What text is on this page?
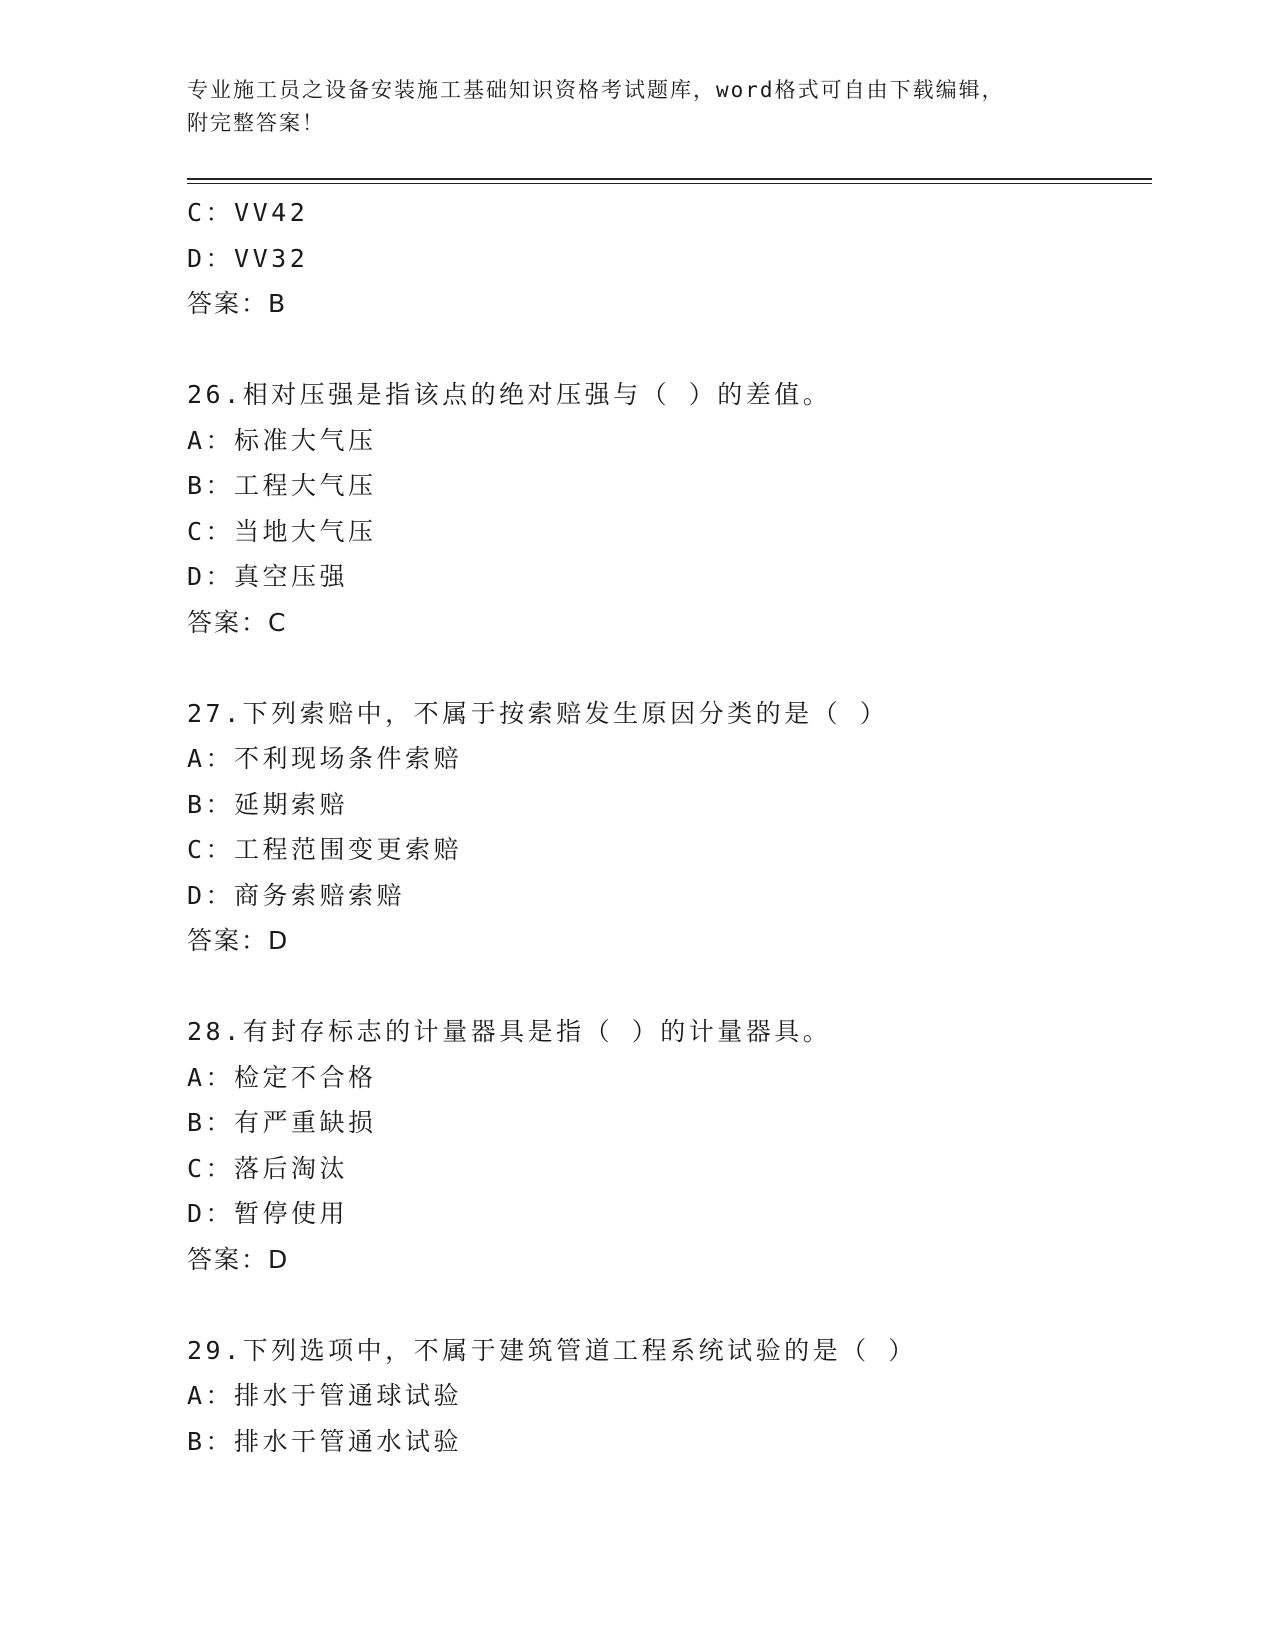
专业施工员之设备安装施工基础知识资格考试题库，word格式可自由下载编辑，
附完整答案！
C：VV42
D：VV32
答案：B
26.相对压强是指该点的绝对压强与（ ）的差值。
A：标准大气压
B：工程大气压
C：当地大气压
D：真空压强
答案：C
27.下列索赔中，不属于按索赔发生原因分类的是（ ）
A：不利现场条件索赔
B：延期索赔
C：工程范围变更索赔
D：商务索赔索赔
答案：D
28.有封存标志的计量器具是指（ ）的计量器具。
A：检定不合格
B：有严重缺损
C：落后淘汰
D：暂停使用
答案：D
29.下列选项中，不属于建筑管道工程系统试验的是（ ）
A：排水于管通球试验
B：排水干管通水试验
